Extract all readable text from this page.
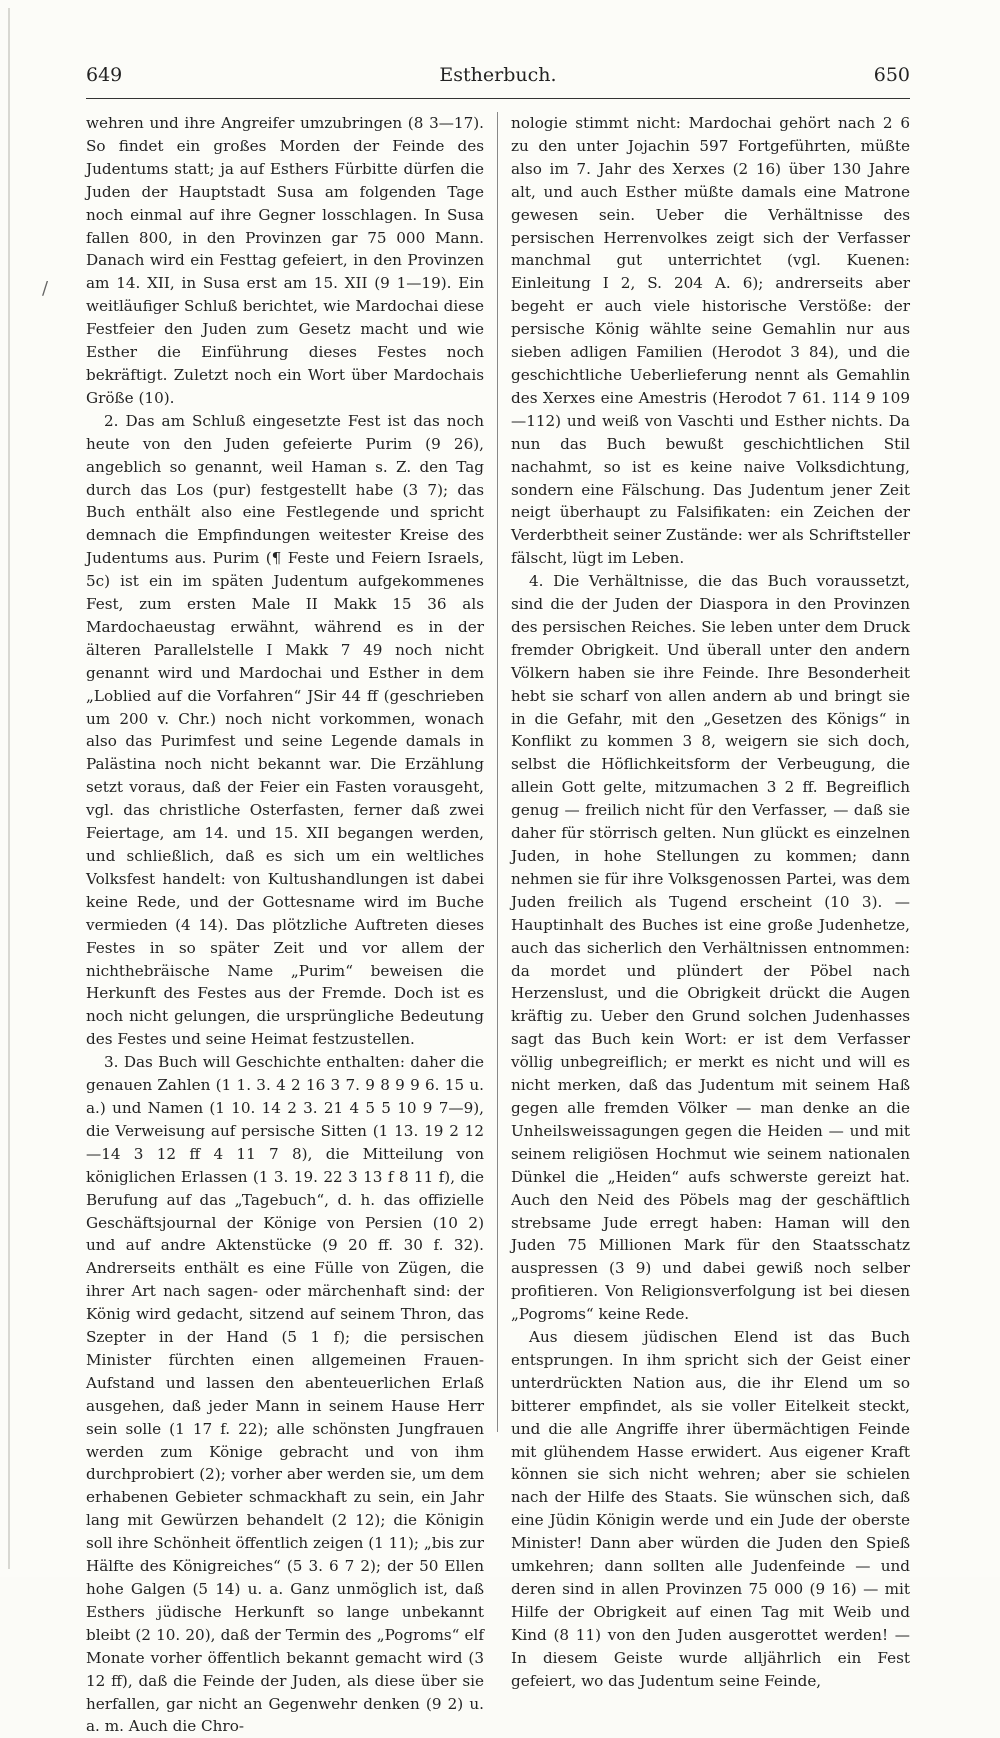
/
649	Estherbuch.	650

wehren und ihre Angreifer umzubringen (8 3—17). So findet ein großes Morden der Feinde des Judentums statt; ja auf Esthers Fürbitte dürfen die Juden der Hauptstadt Susa am folgenden Tage noch einmal auf ihre Gegner losschlagen. In Susa fallen 800, in den Provinzen gar 75 000 Mann. Danach wird ein Festtag gefeiert, in den Provinzen am 14. XII, in Susa erst am 15. XII (9 1—19). Ein weitläufiger Schluß berichtet, wie Mardochai diese Festfeier den Juden zum Gesetz macht und wie Esther die Einführung dieses Festes noch bekräftigt. Zuletzt noch ein Wort über Mardochais Größe (10).

2. Das am Schluß eingesetzte Fest ist das noch heute von den Juden gefeierte Purim (9 26), angeblich so genannt, weil Haman s. Z. den Tag durch das Los (pur) festgestellt habe (3 7); das Buch enthält also eine Festlegende und spricht demnach die Empfindungen weitester Kreise des Judentums aus. Purim (¶ Feste und Feiern Israels, 5c) ist ein im späten Judentum aufgekommenes Fest, zum ersten Male II Makk 15 36 als Mardochaeustag erwähnt, während es in der älteren Parallelstelle I Makk 7 49 noch nicht genannt wird und Mardochai und Esther in dem „Loblied auf die Vorfahren“ JSir 44 ff (geschrieben um 200 v. Chr.) noch nicht vorkommen, wonach also das Purimfest und seine Legende damals in Palästina noch nicht bekannt war. Die Erzählung setzt voraus, daß der Feier ein Fasten vorausgeht, vgl. das christliche Osterfasten, ferner daß zwei Feiertage, am 14. und 15. XII begangen werden, und schließlich, daß es sich um ein weltliches Volksfest handelt: von Kultushandlungen ist dabei keine Rede, und der Gottesname wird im Buche vermieden (4 14). Das plötzliche Auftreten dieses Festes in so später Zeit und vor allem der nichthebräische Name „Purim“ beweisen die Herkunft des Festes aus der Fremde. Doch ist es noch nicht gelungen, die ursprüngliche Bedeutung des Festes und seine Heimat festzustellen.

3. Das Buch will Geschichte enthalten: daher die genauen Zahlen (1 1. 3. 4 2 16 3 7. 9 8 9 9 6. 15 u. a.) und Namen (1 10. 14 2 3. 21 4 5 5 10 9 7—9), die Verweisung auf persische Sitten (1 13. 19 2 12—14 3 12 ff 4 11 7 8), die Mitteilung von königlichen Erlassen (1 3. 19. 22 3 13 f 8 11 f), die Berufung auf das „Tagebuch“, d. h. das offizielle Geschäftsjournal der Könige von Persien (10 2) und auf andre Aktenstücke (9 20 ff. 30 f. 32). Andrerseits enthält es eine Fülle von Zügen, die ihrer Art nach sagen- oder märchenhaft sind: der König wird gedacht, sitzend auf seinem Thron, das Szepter in der Hand (5 1 f); die persischen Minister fürchten einen allgemeinen Frauen-Aufstand und lassen den abenteuerlichen Erlaß ausgehen, daß jeder Mann in seinem Hause Herr sein solle (1 17 f. 22); alle schönsten Jungfrauen werden zum Könige gebracht und von ihm durchprobiert (2); vorher aber werden sie, um dem erhabenen Gebieter schmackhaft zu sein, ein Jahr lang mit Gewürzen behandelt (2 12); die Königin soll ihre Schönheit öffentlich zeigen (1 11); „bis zur Hälfte des Königreiches“ (5 3. 6 7 2); der 50 Ellen hohe Galgen (5 14) u. a. Ganz unmöglich ist, daß Esthers jüdische Herkunft so lange unbekannt bleibt (2 10. 20), daß der Termin des „Pogroms“ elf Monate vorher öffentlich bekannt gemacht wird (3 12 ff), daß die Feinde der Juden, als diese über sie herfallen, gar nicht an Gegenwehr denken (9 2) u. a. m. Auch die Chro-

nologie stimmt nicht: Mardochai gehört nach 2 6 zu den unter Jojachin 597 Fortgeführten, müßte also im 7. Jahr des Xerxes (2 16) über 130 Jahre alt, und auch Esther müßte damals eine Matrone gewesen sein. Ueber die Verhältnisse des persischen Herrenvolkes zeigt sich der Verfasser manchmal gut unterrichtet (vgl. Kuenen: Einleitung I 2, S. 204 A. 6); andrerseits aber begeht er auch viele historische Verstöße: der persische König wählte seine Gemahlin nur aus sieben adligen Familien (Herodot 3 84), und die geschichtliche Ueberlieferung nennt als Gemahlin des Xerxes eine Amestris (Herodot 7 61. 114 9 109—112) und weiß von Vaschti und Esther nichts. Da nun das Buch bewußt geschichtlichen Stil nachahmt, so ist es keine naive Volksdichtung, sondern eine Fälschung. Das Judentum jener Zeit neigt überhaupt zu Falsifikaten: ein Zeichen der Verderbtheit seiner Zustände: wer als Schriftsteller fälscht, lügt im Leben.

4. Die Verhältnisse, die das Buch voraussetzt, sind die der Juden der Diaspora in den Provinzen des persischen Reiches. Sie leben unter dem Druck fremder Obrigkeit. Und überall unter den andern Völkern haben sie ihre Feinde. Ihre Besonderheit hebt sie scharf von allen andern ab und bringt sie in die Gefahr, mit den „Gesetzen des Königs“ in Konflikt zu kommen 3 8, weigern sie sich doch, selbst die Höflichkeitsform der Verbeugung, die allein Gott gelte, mitzumachen 3 2 ff. Begreiflich genug — freilich nicht für den Verfasser, — daß sie daher für störrisch gelten. Nun glückt es einzelnen Juden, in hohe Stellungen zu kommen; dann nehmen sie für ihre Volksgenossen Partei, was dem Juden freilich als Tugend erscheint (10 3). — Hauptinhalt des Buches ist eine große Judenhetze, auch das sicherlich den Verhältnissen entnommen: da mordet und plündert der Pöbel nach Herzenslust, und die Obrigkeit drückt die Augen kräftig zu. Ueber den Grund solchen Judenhasses sagt das Buch kein Wort: er ist dem Verfasser völlig unbegreiflich; er merkt es nicht und will es nicht merken, daß das Judentum mit seinem Haß gegen alle fremden Völker — man denke an die Unheilsweissagungen gegen die Heiden — und mit seinem religiösen Hochmut wie seinem nationalen Dünkel die „Heiden“ aufs schwerste gereizt hat. Auch den Neid des Pöbels mag der geschäftlich strebsame Jude erregt haben: Haman will den Juden 75 Millionen Mark für den Staatsschatz auspressen (3 9) und dabei gewiß noch selber profitieren. Von Religionsverfolgung ist bei diesen „Pogroms“ keine Rede.

Aus diesem jüdischen Elend ist das Buch entsprungen. In ihm spricht sich der Geist einer unterdrückten Nation aus, die ihr Elend um so bitterer empfindet, als sie voller Eitelkeit steckt, und die alle Angriffe ihrer übermächtigen Feinde mit glühendem Hasse erwidert. Aus eigener Kraft können sie sich nicht wehren; aber sie schielen nach der Hilfe des Staats. Sie wünschen sich, daß eine Jüdin Königin werde und ein Jude der oberste Minister! Dann aber würden die Juden den Spieß umkehren; dann sollten alle Judenfeinde — und deren sind in allen Provinzen 75 000 (9 16) — mit Hilfe der Obrigkeit auf einen Tag mit Weib und Kind (8 11) von den Juden ausgerottet werden! — In diesem Geiste wurde alljährlich ein Fest gefeiert, wo das Judentum seine Feinde,
